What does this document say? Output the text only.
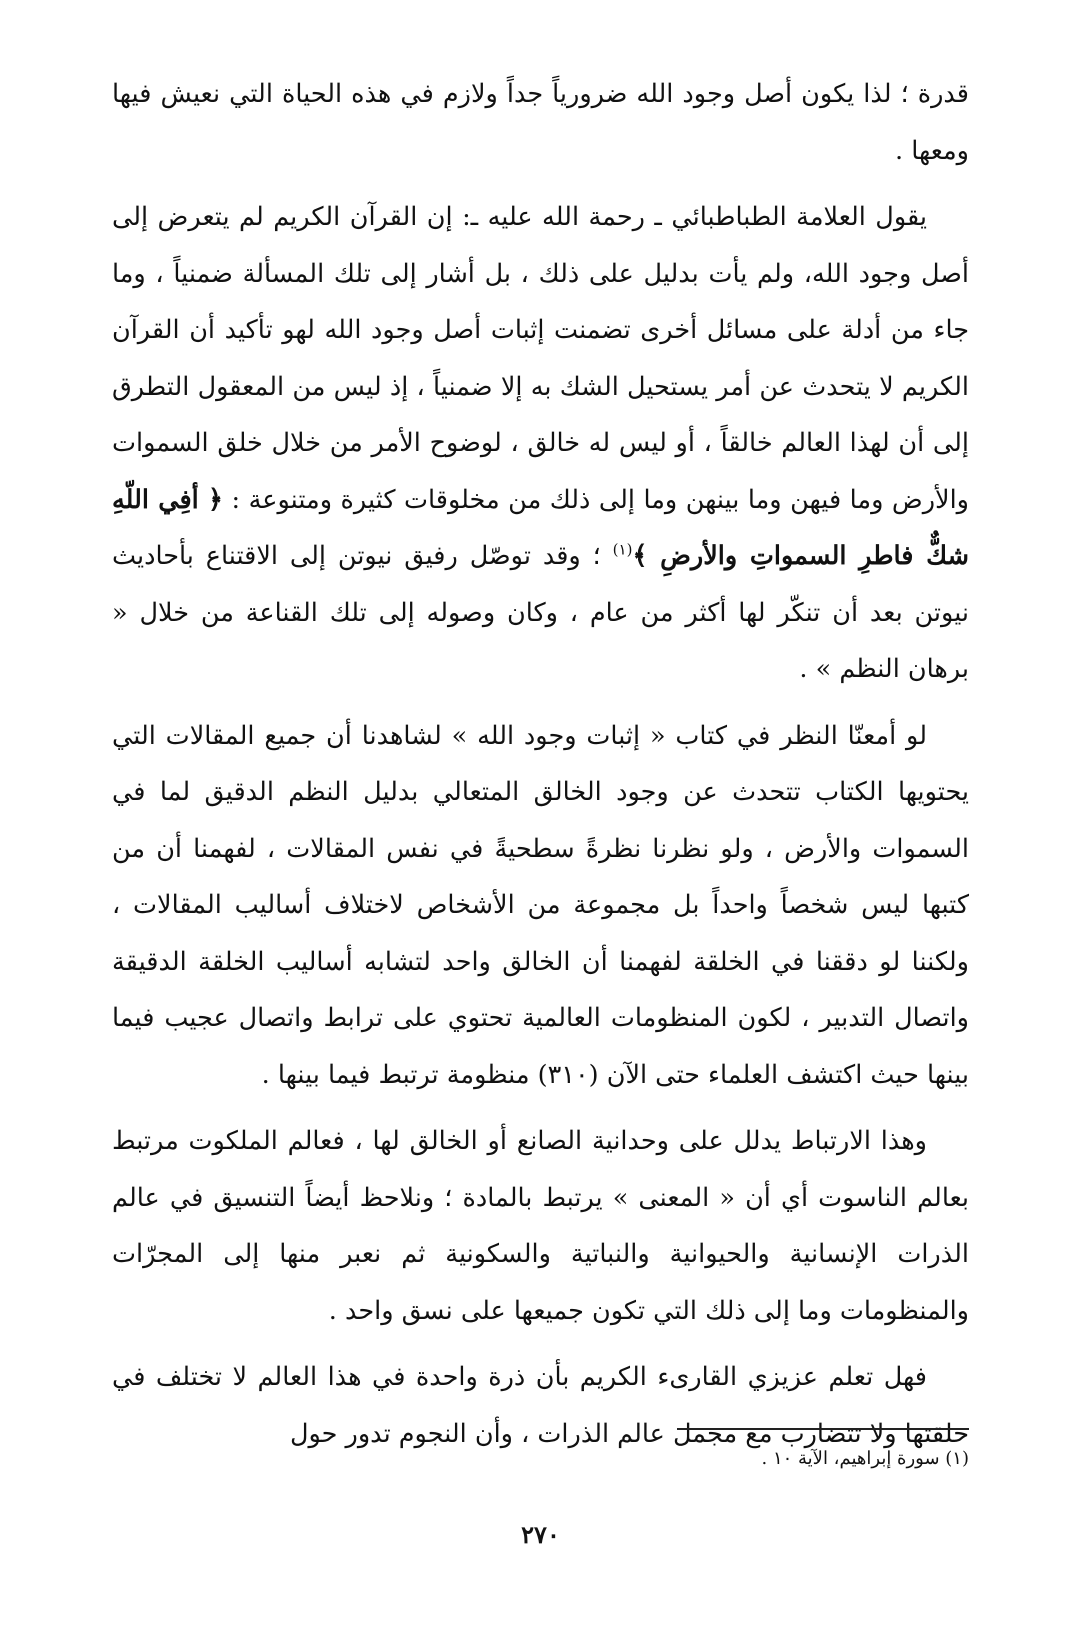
قدرة ؛ لذا يكون أصل وجود الله ضرورياً جداً ولازم في هذه الحياة التي نعيش فيها ومعها .

يقول العلامة الطباطبائي ـ رحمة الله عليه ـ: إن القرآن الكريم لم يتعرض إلى أصل وجود الله، ولم يأت بدليل على ذلك ، بل أشار إلى تلك المسألة ضمنياً ، وما جاء من أدلة على مسائل أخرى تضمنت إثبات أصل وجود الله لهو تأكيد أن القرآن الكريم لا يتحدث عن أمر يستحيل الشك به إلا ضمنياً ، إذ ليس من المعقول التطرق إلى أن لهذا العالم خالقاً ، أو ليس له خالق ، لوضوح الأمر من خلال خلق السموات والأرض وما فيهن وما بينهن وما إلى ذلك من مخلوقات كثيرة ومتنوعة : ﴿ أفِي اللّهِ شكٌّ فاطرِ السمواتِ والأرضِ ﴾$^{(١)}$ ؛ وقد توصّل رفيق نيوتن إلى الاقتناع بأحاديث نيوتن بعد أن تنكّر لها أكثر من عام ، وكان وصوله إلى تلك القناعة من خلال « برهان النظم » .

لو أمعنّا النظر في كتاب « إثبات وجود الله » لشاهدنا أن جميع المقالات التي يحتويها الكتاب تتحدث عن وجود الخالق المتعالي بدليل النظم الدقيق لما في السموات والأرض ، ولو نظرنا نظرةً سطحيةً في نفس المقالات ، لفهمنا أن من كتبها ليس شخصاً واحداً بل مجموعة من الأشخاص لاختلاف أساليب المقالات ، ولكننا لو دققنا في الخلقة لفهمنا أن الخالق واحد لتشابه أساليب الخلقة الدقيقة واتصال التدبير ، لكون المنظومات العالمية تحتوي على ترابط واتصال عجيب فيما بينها حيث اكتشف العلماء حتى الآن (٣١٠) منظومة ترتبط فيما بينها .

وهذا الارتباط يدلل على وحدانية الصانع أو الخالق لها ، فعالم الملكوت مرتبط بعالم الناسوت أي أن « المعنى » يرتبط بالمادة ؛ ونلاحظ أيضاً التنسيق في عالم الذرات الإنسانية والحيوانية والنباتية والسكونية ثم نعبر منها إلى المجرّات والمنظومات وما إلى ذلك التي تكون جميعها على نسق واحد .

فهل تعلم عزيزي القارىء الكريم بأن ذرة واحدة في هذا العالم لا تختلف في خلقتها ولا تتضارب مع مجمل عالم الذرات ، وأن النجوم تدور حول

(١) سورة إبراهيم، الآية ١٠ .
٢٧٠
